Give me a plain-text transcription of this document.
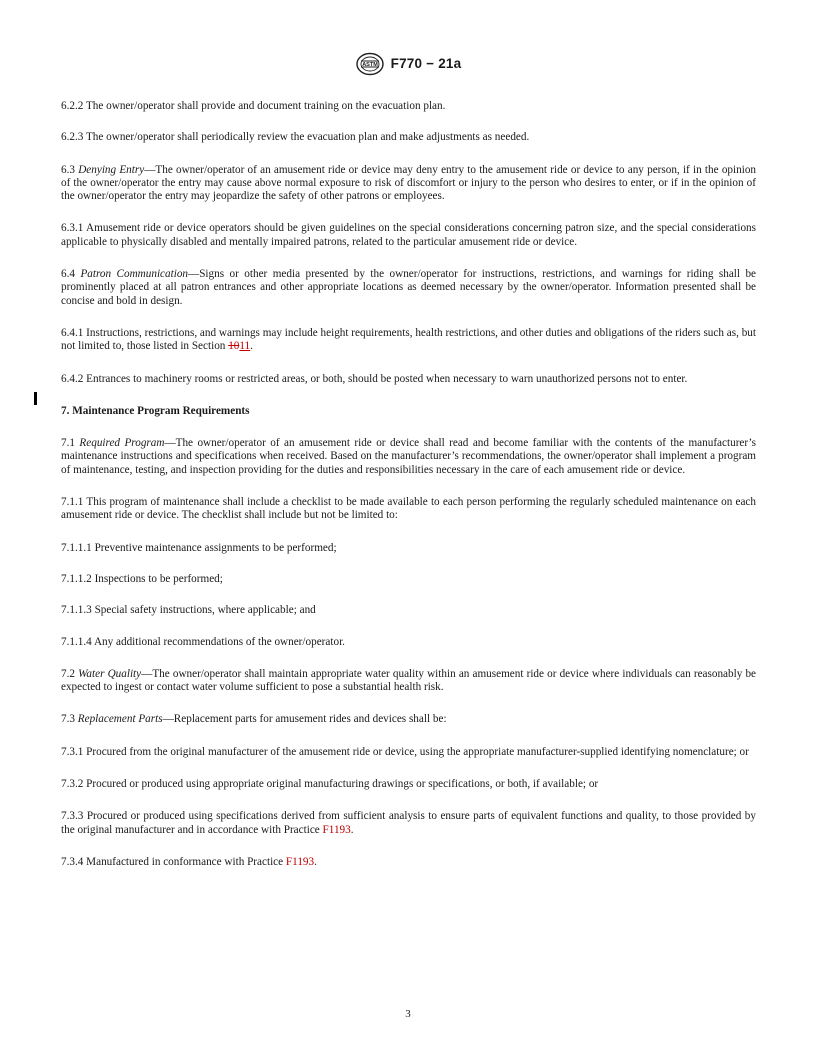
ASTM F770 − 21a

6.2.2 The owner/operator shall provide and document training on the evacuation plan.

6.2.3 The owner/operator shall periodically review the evacuation plan and make adjustments as needed.

6.3 Denying Entry—The owner/operator of an amusement ride or device may deny entry to the amusement ride or device to any person, if in the opinion of the owner/operator the entry may cause above normal exposure to risk of discomfort or injury to the person who desires to enter, or if in the opinion of the owner/operator the entry may jeopardize the safety of other patrons or employees.

6.3.1 Amusement ride or device operators should be given guidelines on the special considerations concerning patron size, and the special considerations applicable to physically disabled and mentally impaired patrons, related to the particular amusement ride or device.

6.4 Patron Communication—Signs or other media presented by the owner/operator for instructions, restrictions, and warnings for riding shall be prominently placed at all patron entrances and other appropriate locations as deemed necessary by the owner/operator. Information presented shall be concise and bold in design.

6.4.1 Instructions, restrictions, and warnings may include height requirements, health restrictions, and other duties and obligations of the riders such as, but not limited to, those listed in Section 1011.

6.4.2 Entrances to machinery rooms or restricted areas, or both, should be posted when necessary to warn unauthorized persons not to enter.

7. Maintenance Program Requirements

7.1 Required Program—The owner/operator of an amusement ride or device shall read and become familiar with the contents of the manufacturer’s maintenance instructions and specifications when received. Based on the manufacturer’s recommendations, the owner/operator shall implement a program of maintenance, testing, and inspection providing for the duties and responsibilities necessary in the care of each amusement ride or device.

7.1.1 This program of maintenance shall include a checklist to be made available to each person performing the regularly scheduled maintenance on each amusement ride or device. The checklist shall include but not be limited to:

7.1.1.1 Preventive maintenance assignments to be performed;

7.1.1.2 Inspections to be performed;

7.1.1.3 Special safety instructions, where applicable; and

7.1.1.4 Any additional recommendations of the owner/operator.

7.2 Water Quality—The owner/operator shall maintain appropriate water quality within an amusement ride or device where individuals can reasonably be expected to ingest or contact water volume sufficient to pose a substantial health risk.

7.3 Replacement Parts—Replacement parts for amusement rides and devices shall be:

7.3.1 Procured from the original manufacturer of the amusement ride or device, using the appropriate manufacturer-supplied identifying nomenclature; or

7.3.2 Procured or produced using appropriate original manufacturing drawings or specifications, or both, if available; or

7.3.3 Procured or produced using specifications derived from sufficient analysis to ensure parts of equivalent functions and quality, to those provided by the original manufacturer and in accordance with Practice F1193.

7.3.4 Manufactured in conformance with Practice F1193.

3
